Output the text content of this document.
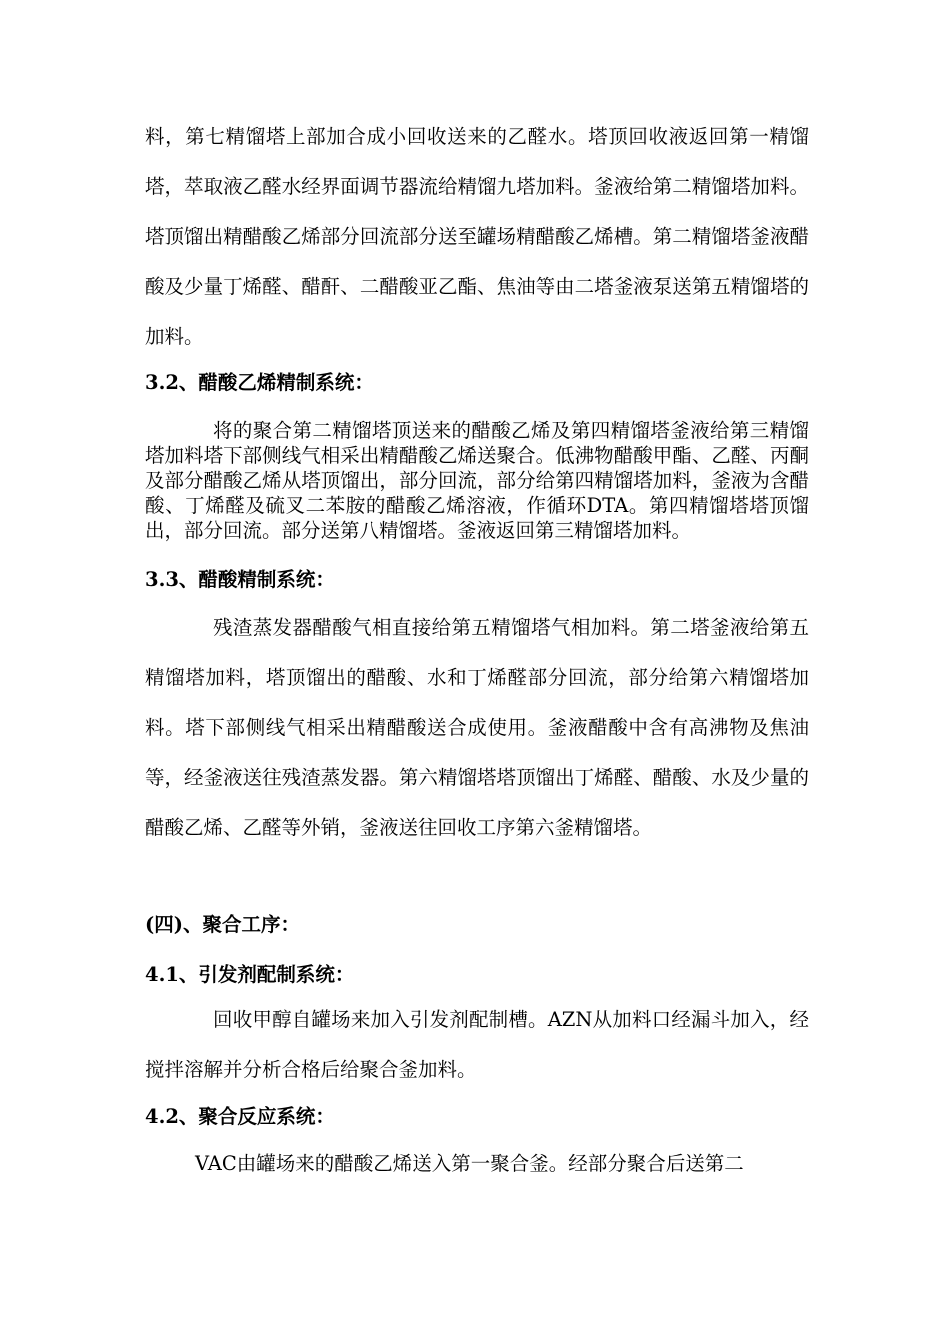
料，第七精馏塔上部加合成小回收送来的乙醛水。塔顶回收液返回第一精馏塔，萃取液乙醛水经界面调节器流给精馏九塔加料。釜液给第二精馏塔加料。塔顶馏出精醋酸乙烯部分回流部分送至罐场精醋酸乙烯槽。第二精馏塔釜液醋酸及少量丁烯醛、醋酐、二醋酸亚乙酯、焦油等由二塔釜液泵送第五精馏塔的加料。

3.2、醋酸乙烯精制系统：

将的聚合第二精馏塔顶送来的醋酸乙烯及第四精馏塔釜液给第三精馏塔加料塔下部侧线气相采出精醋酸乙烯送聚合。低沸物醋酸甲酯、乙醛、丙酮及部分醋酸乙烯从塔顶馏出，部分回流，部分给第四精馏塔加料，釜液为含醋酸、丁烯醛及硫叉二苯胺的醋酸乙烯溶液，作循环DTA。第四精馏塔塔顶馏出，部分回流。部分送第八精馏塔。釜液返回第三精馏塔加料。

3.3、醋酸精制系统：

残渣蒸发器醋酸气相直接给第五精馏塔气相加料。第二塔釜液给第五精馏塔加料，塔顶馏出的醋酸、水和丁烯醛部分回流，部分给第六精馏塔加料。塔下部侧线气相采出精醋酸送合成使用。釜液醋酸中含有高沸物及焦油等，经釜液送往残渣蒸发器。第六精馏塔塔顶馏出丁烯醛、醋酸、水及少量的醋酸乙烯、乙醛等外销，釜液送往回收工序第六釜精馏塔。

(四)、聚合工序：

4.1、引发剂配制系统：

回收甲醇自罐场来加入引发剂配制槽。AZN从加料口经漏斗加入，经搅拌溶解并分析合格后给聚合釜加料。

4.2、聚合反应系统：

VAC由罐场来的醋酸乙烯送入第一聚合釜。经部分聚合后送第二
